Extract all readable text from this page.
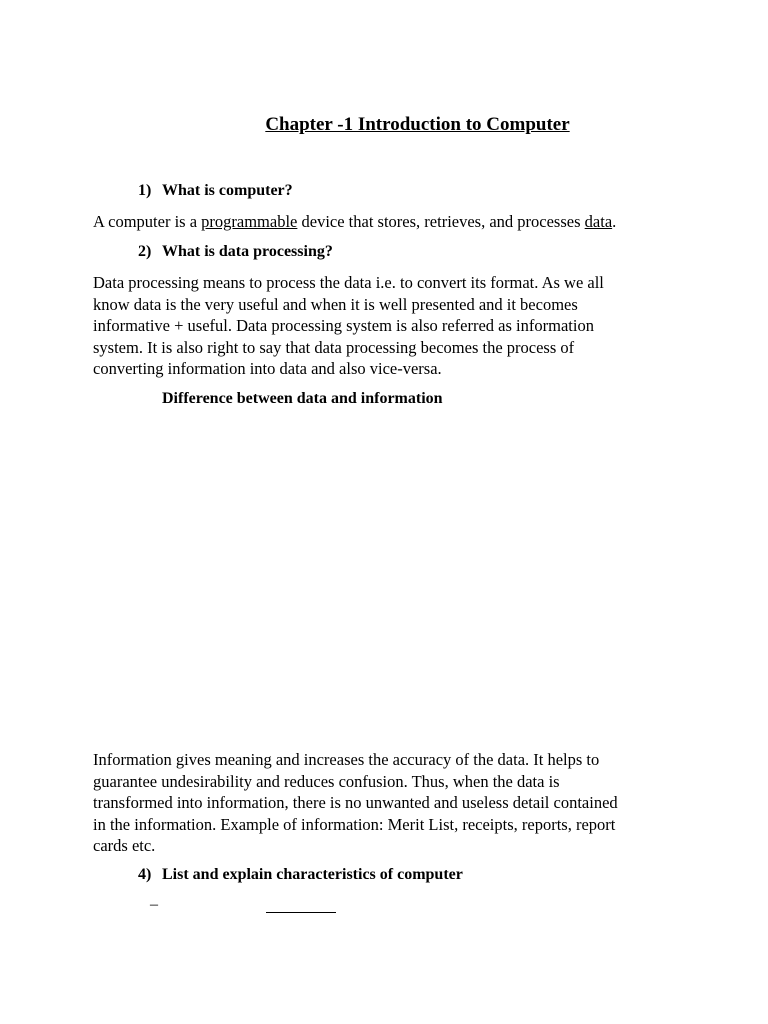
Chapter -1 Introduction to Computer
1) What is computer?
A computer is a programmable device that stores, retrieves, and processes data.
2) What is data processing?
Data processing means to process the data i.e. to convert its format. As we all
know data is the very useful and when it is well presented and it becomes
informative + useful. Data processing system is also referred as information
system. It is also right to say that data processing becomes the process of
converting information into data and also vice-versa.
Difference between data and information
Information gives meaning and increases the accuracy of the data. It helps to
guarantee undesirability and reduces confusion. Thus, when the data is
transformed into information, there is no unwanted and useless detail contained
in the information. Example of information: Merit List, receipts, reports, report
cards etc.
4) List and explain characteristics of computer
–
